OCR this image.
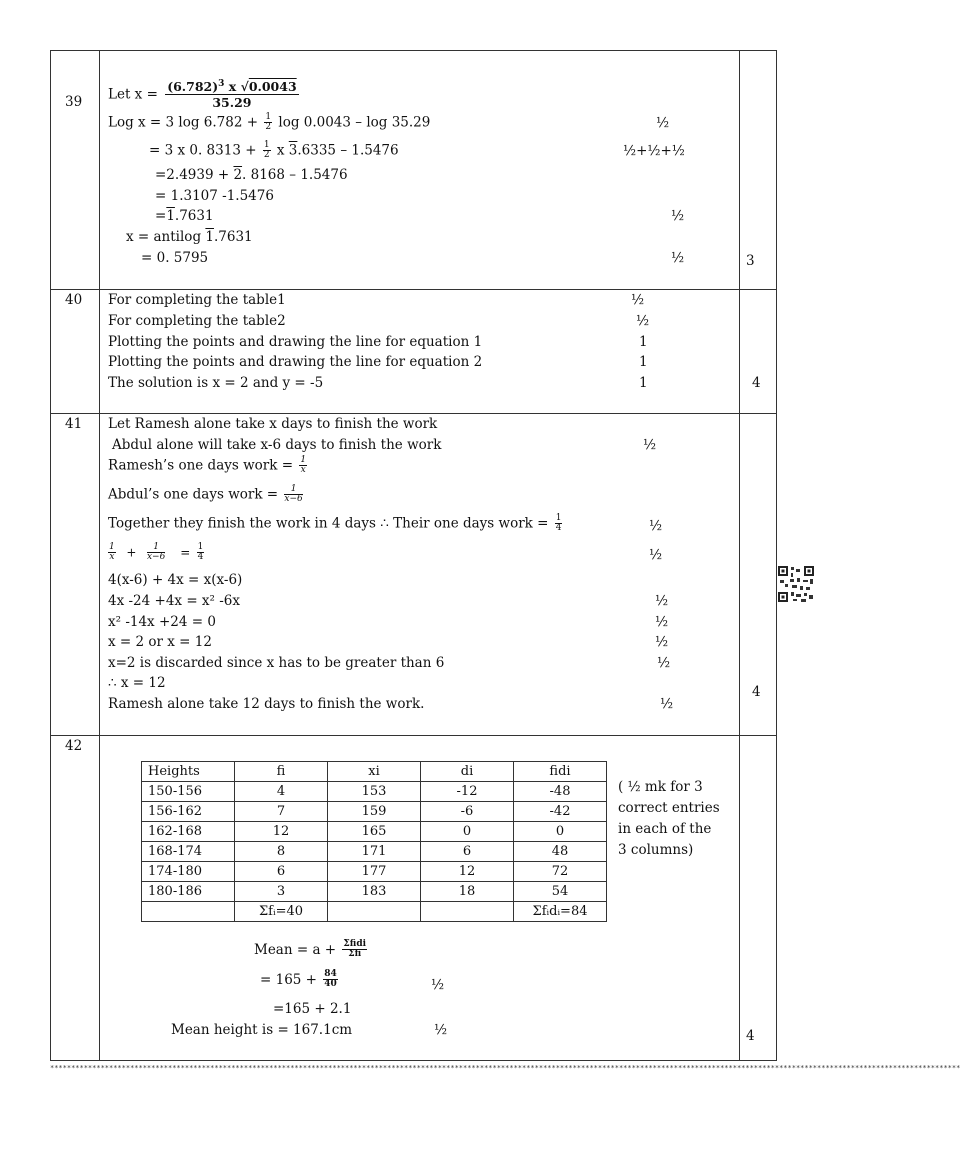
39 Let $x = \frac{(6.782)^3 x √0.0043}{35.29}$
Log x = 3 $\log 6.782 + \frac{1}{2}$ log 0.0043 – log 35.29	½
= 3 x 0. $8313 + \frac{1}{2}$ x 3.6335 – 1.5476	½+½+½
=2.4939 + 2. 8168 – 1.5476
= 1.3107 -1.5476
=1.7631	½
x = antilog 1.7631
= 0. 5795	½	3
40 For completing the table1	½
For completing the table2	½
Plotting the points and drawing the line for equation 1	1
Plotting the points and drawing the line for equation 2	1
The solution is x = 2 and y = -5	1	4
41 Let Ramesh alone take x days to finish the work
Abdul alone will take x-6 days to finish the work	½
Ramesh’s one days work = $\frac{1}{x}$
Abdul’s one days work = $\frac{1}{x-6}$
Together they finish the work in 4 days ∴ Their one days work = $\frac{1}{4}$	½
$\frac{1}{x} + \frac{1}{x-6} = \frac{1}{4}$	½
4(x-6) + 4x = x(x-6)
4x -24 +4x = x² -6x	½
x² -14x +24 = 0	½
x = 2 or x = 12	½
x=2 is discarded since x has to be greater than 6	½
∴ x = 12
Ramesh alone take 12 days to finish the work.	½
4
42
Heights	fi	xi	di	fidi
150-156	4	153	-12	-48
156-162	7	159	-6	-42
162-168	12	165	0	0
168-174	8	171	6	48
174-180	6	177	12	72
180-186	3	183	18	54
	Σfᵢ=40			Σfᵢdᵢ=84
( ½ mk for 3
correct entries
in each of the
3 columns)
Mean = $a + \frac{\text{Σfidi}}{\text{Σfi}}$
= $165 + \frac{84}{40}$	½
=165 + 2.1
Mean height is = 167.1cm	½	4
************************************************************************************************************************************************************************************************************************
